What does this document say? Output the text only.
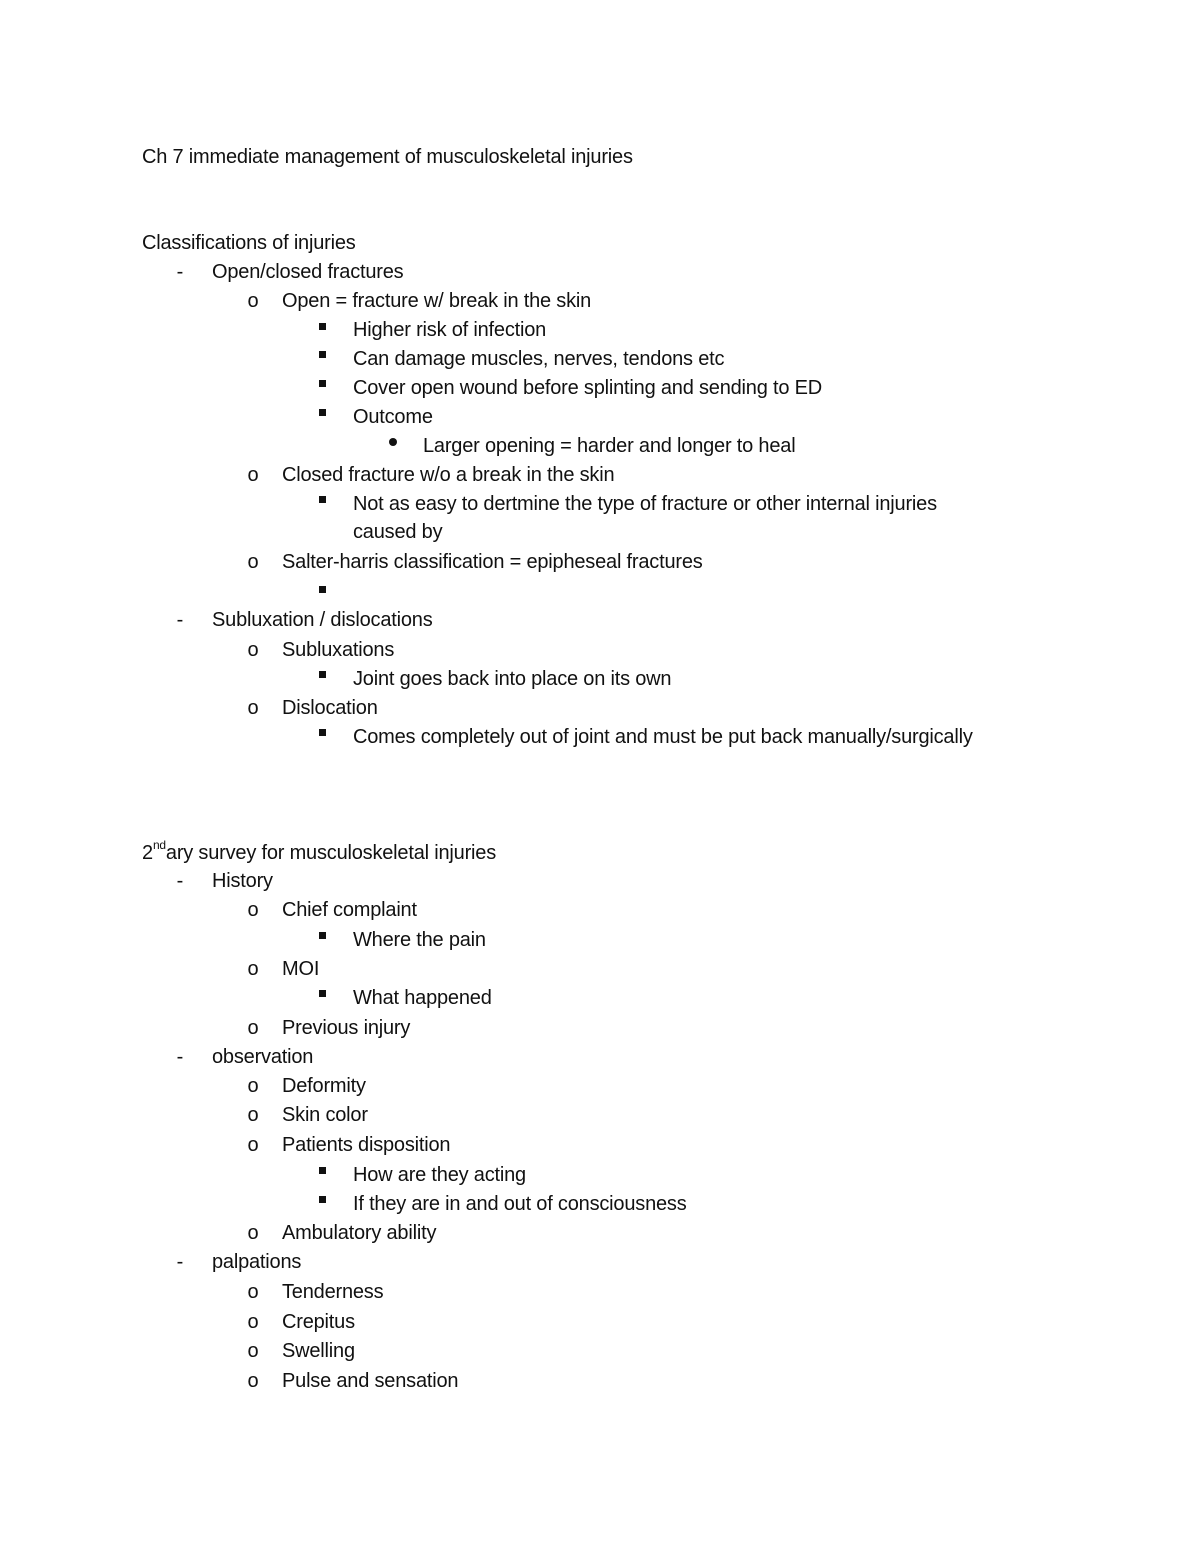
Ch 7 immediate management of musculoskeletal injuries
Classifications of injuries
-	Open/closed fractures
o Open = fracture w/ break in the skin
Higher risk of infection
Can damage muscles, nerves, tendons etc
Cover open wound before splinting and sending to ED
Outcome
Larger opening = harder and longer to heal
o Closed fracture w/o a break in the skin
Not as easy to dertmine the type of fracture or other internal injuries
caused by
o Salter-harris classification = epipheseal fractures
-	Subluxation / dislocations
o Subluxations
Joint goes back into place on its own
o Dislocation
Comes completely out of joint and must be put back manually/surgically
2ndary survey for musculoskeletal injuries
-	History
o Chief complaint
Where the pain
o MOI
What happened
o Previous injury
-	observation
o Deformity
o Skin color
o Patients disposition
How are they acting
If they are in and out of consciousness
o Ambulatory ability
-	palpations
o Tenderness
o Crepitus
o Swelling
o Pulse and sensation
